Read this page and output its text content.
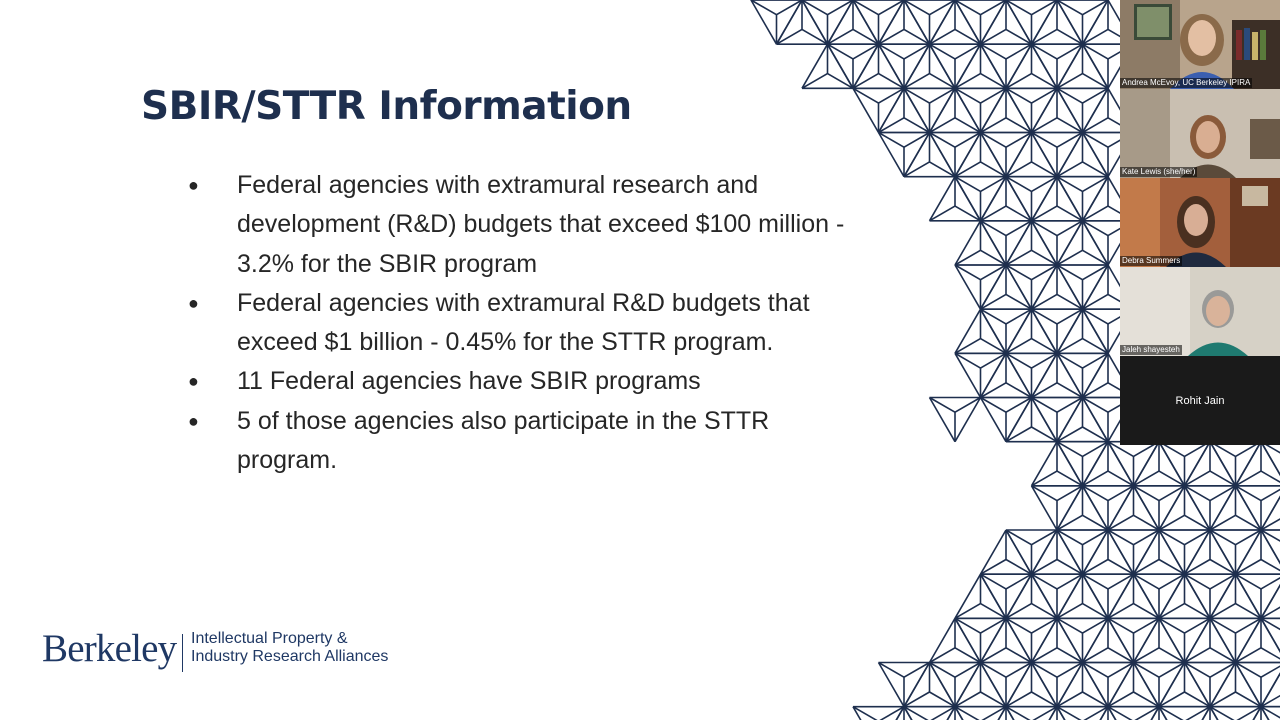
SBIR/STTR Information
● Federal agencies with extramural research and
development (R&D) budgets that exceed $100 million -
3.2% for the SBIR program
● Federal agencies with extramural R&D budgets that
exceed $1 billion - 0.45% for the STTR program.
● 11 Federal agencies have SBIR programs
● 5 of those agencies also participate in the STTR
program.
Berkeley Intellectual Property &
Industry Research Alliances
Andrea McEvoy, UC Berkeley IPIRA
Kate Lewis (she/her)
Debra Summers
Jaleh shayesteh
Rohit Jain
